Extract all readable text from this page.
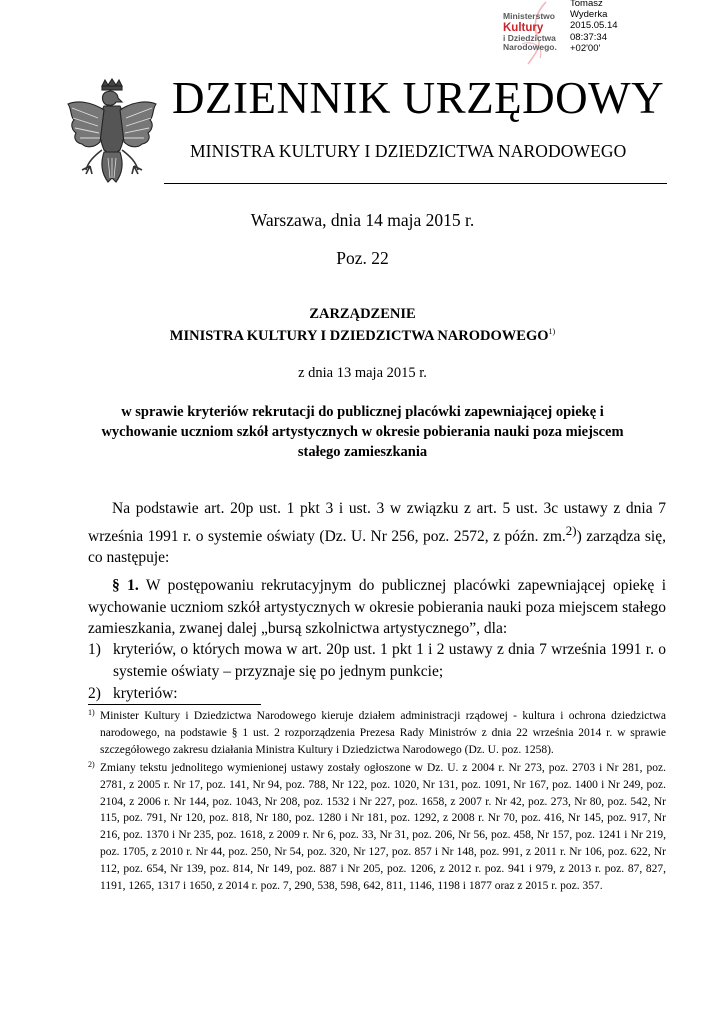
Ministerstwo
Kultury
i Dziedzictwa
Narodowego.
Tomasz
Wyderka
2015.05.14
08:37:34
+02'00'
DZIENNIK URZĘDOWY
MINISTRA KULTURY I DZIEDZICTWA NARODOWEGO
Warszawa, dnia 14 maja 2015 r.
Poz. 22
ZARZĄDZENIE
MINISTRA KULTURY I DZIEDZICTWA NARODOWEGO$^{1)}$
z dnia 13 maja 2015 r.
w sprawie kryteriów rekrutacji do publicznej placówki zapewniającej opiekę i wychowanie uczniom szkół artystycznych w okresie pobierania nauki poza miejscem stałego zamieszkania
Na podstawie art. 20p ust. 1 pkt 3 i ust. 3 w związku z art. 5 ust. 3c ustawy z dnia 7 września 1991 r. o systemie oświaty (Dz. U. Nr 256, poz. 2572, z późn. zm.$^{2)}$) zarządza się, co następuje:
§ 1. W postępowaniu rekrutacyjnym do publicznej placówki zapewniającej opiekę i wychowanie uczniom szkół artystycznych w okresie pobierania nauki poza miejscem stałego zamieszkania, zwanej dalej „bursą szkolnictwa artystycznego”, dla:
1) kryteriów, o których mowa w art. 20p ust. 1 pkt 1 i 2 ustawy z dnia 7 września 1991 r. o systemie oświaty – przyznaje się po jednym punkcie;
2) kryteriów:
1) Minister Kultury i Dziedzictwa Narodowego kieruje działem administracji rządowej - kultura i ochrona dziedzictwa narodowego, na podstawie § 1 ust. 2 rozporządzenia Prezesa Rady Ministrów z dnia 22 września 2014 r. w sprawie szczegółowego zakresu działania Ministra Kultury i Dziedzictwa Narodowego (Dz. U. poz. 1258).
2) Zmiany tekstu jednolitego wymienionej ustawy zostały ogłoszone w Dz. U. z 2004 r. Nr 273, poz. 2703 i Nr 281, poz. 2781, z 2005 r. Nr 17, poz. 141, Nr 94, poz. 788, Nr 122, poz. 1020, Nr 131, poz. 1091, Nr 167, poz. 1400 i Nr 249, poz. 2104, z 2006 r. Nr 144, poz. 1043, Nr 208, poz. 1532 i Nr 227, poz. 1658, z 2007 r. Nr 42, poz. 273, Nr 80, poz. 542, Nr 115, poz. 791, Nr 120, poz. 818, Nr 180, poz. 1280 i Nr 181, poz. 1292, z 2008 r. Nr 70, poz. 416, Nr 145, poz. 917, Nr 216, poz. 1370 i Nr 235, poz. 1618, z 2009 r. Nr 6, poz. 33, Nr 31, poz. 206, Nr 56, poz. 458, Nr 157, poz. 1241 i Nr 219, poz. 1705, z 2010 r. Nr 44, poz. 250, Nr 54, poz. 320, Nr 127, poz. 857 i Nr 148, poz. 991, z 2011 r. Nr 106, poz. 622, Nr 112, poz. 654, Nr 139, poz. 814, Nr 149, poz. 887 i Nr 205, poz. 1206, z 2012 r. poz. 941 i 979, z 2013 r. poz. 87, 827, 1191, 1265, 1317 i 1650, z 2014 r. poz. 7, 290, 538, 598, 642, 811, 1146, 1198 i 1877 oraz z 2015 r. poz. 357.
